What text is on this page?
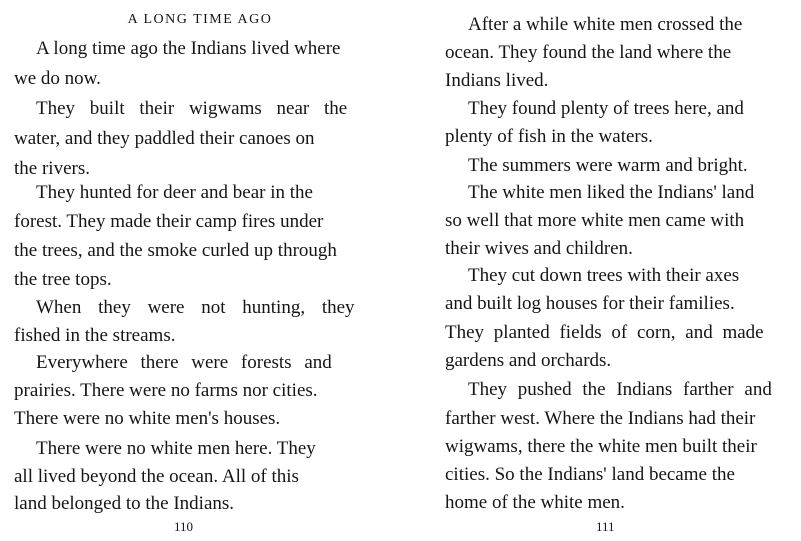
A LONG TIME AGO

A long time ago the Indians lived where

we do now.

They built their wigwams near the

water, and they paddled their canoes on

the rivers.

They hunted for deer and bear in the

forest. They made their camp fires under

the trees, and the smoke curled up through

the tree tops.

When they were not hunting, they

fished in the streams.

Everywhere there were forests and

prairies. There were no farms nor cities.

There were no white men's houses.

There were no white men here. They

all lived beyond the ocean. All of this

land belonged to the Indians.

110

After a while white men crossed the

ocean. They found the land where the

Indians lived.

They found plenty of trees here, and

plenty of fish in the waters.

The summers were warm and bright.

The white men liked the Indians' land

so well that more white men came with

their wives and children.

They cut down trees with their axes

and built log houses for their families.

They planted fields of corn, and made

gardens and orchards.

They pushed the Indians farther and

farther west. Where the Indians had their

wigwams, there the white men built their

cities. So the Indians' land became the

home of the white men.

111
